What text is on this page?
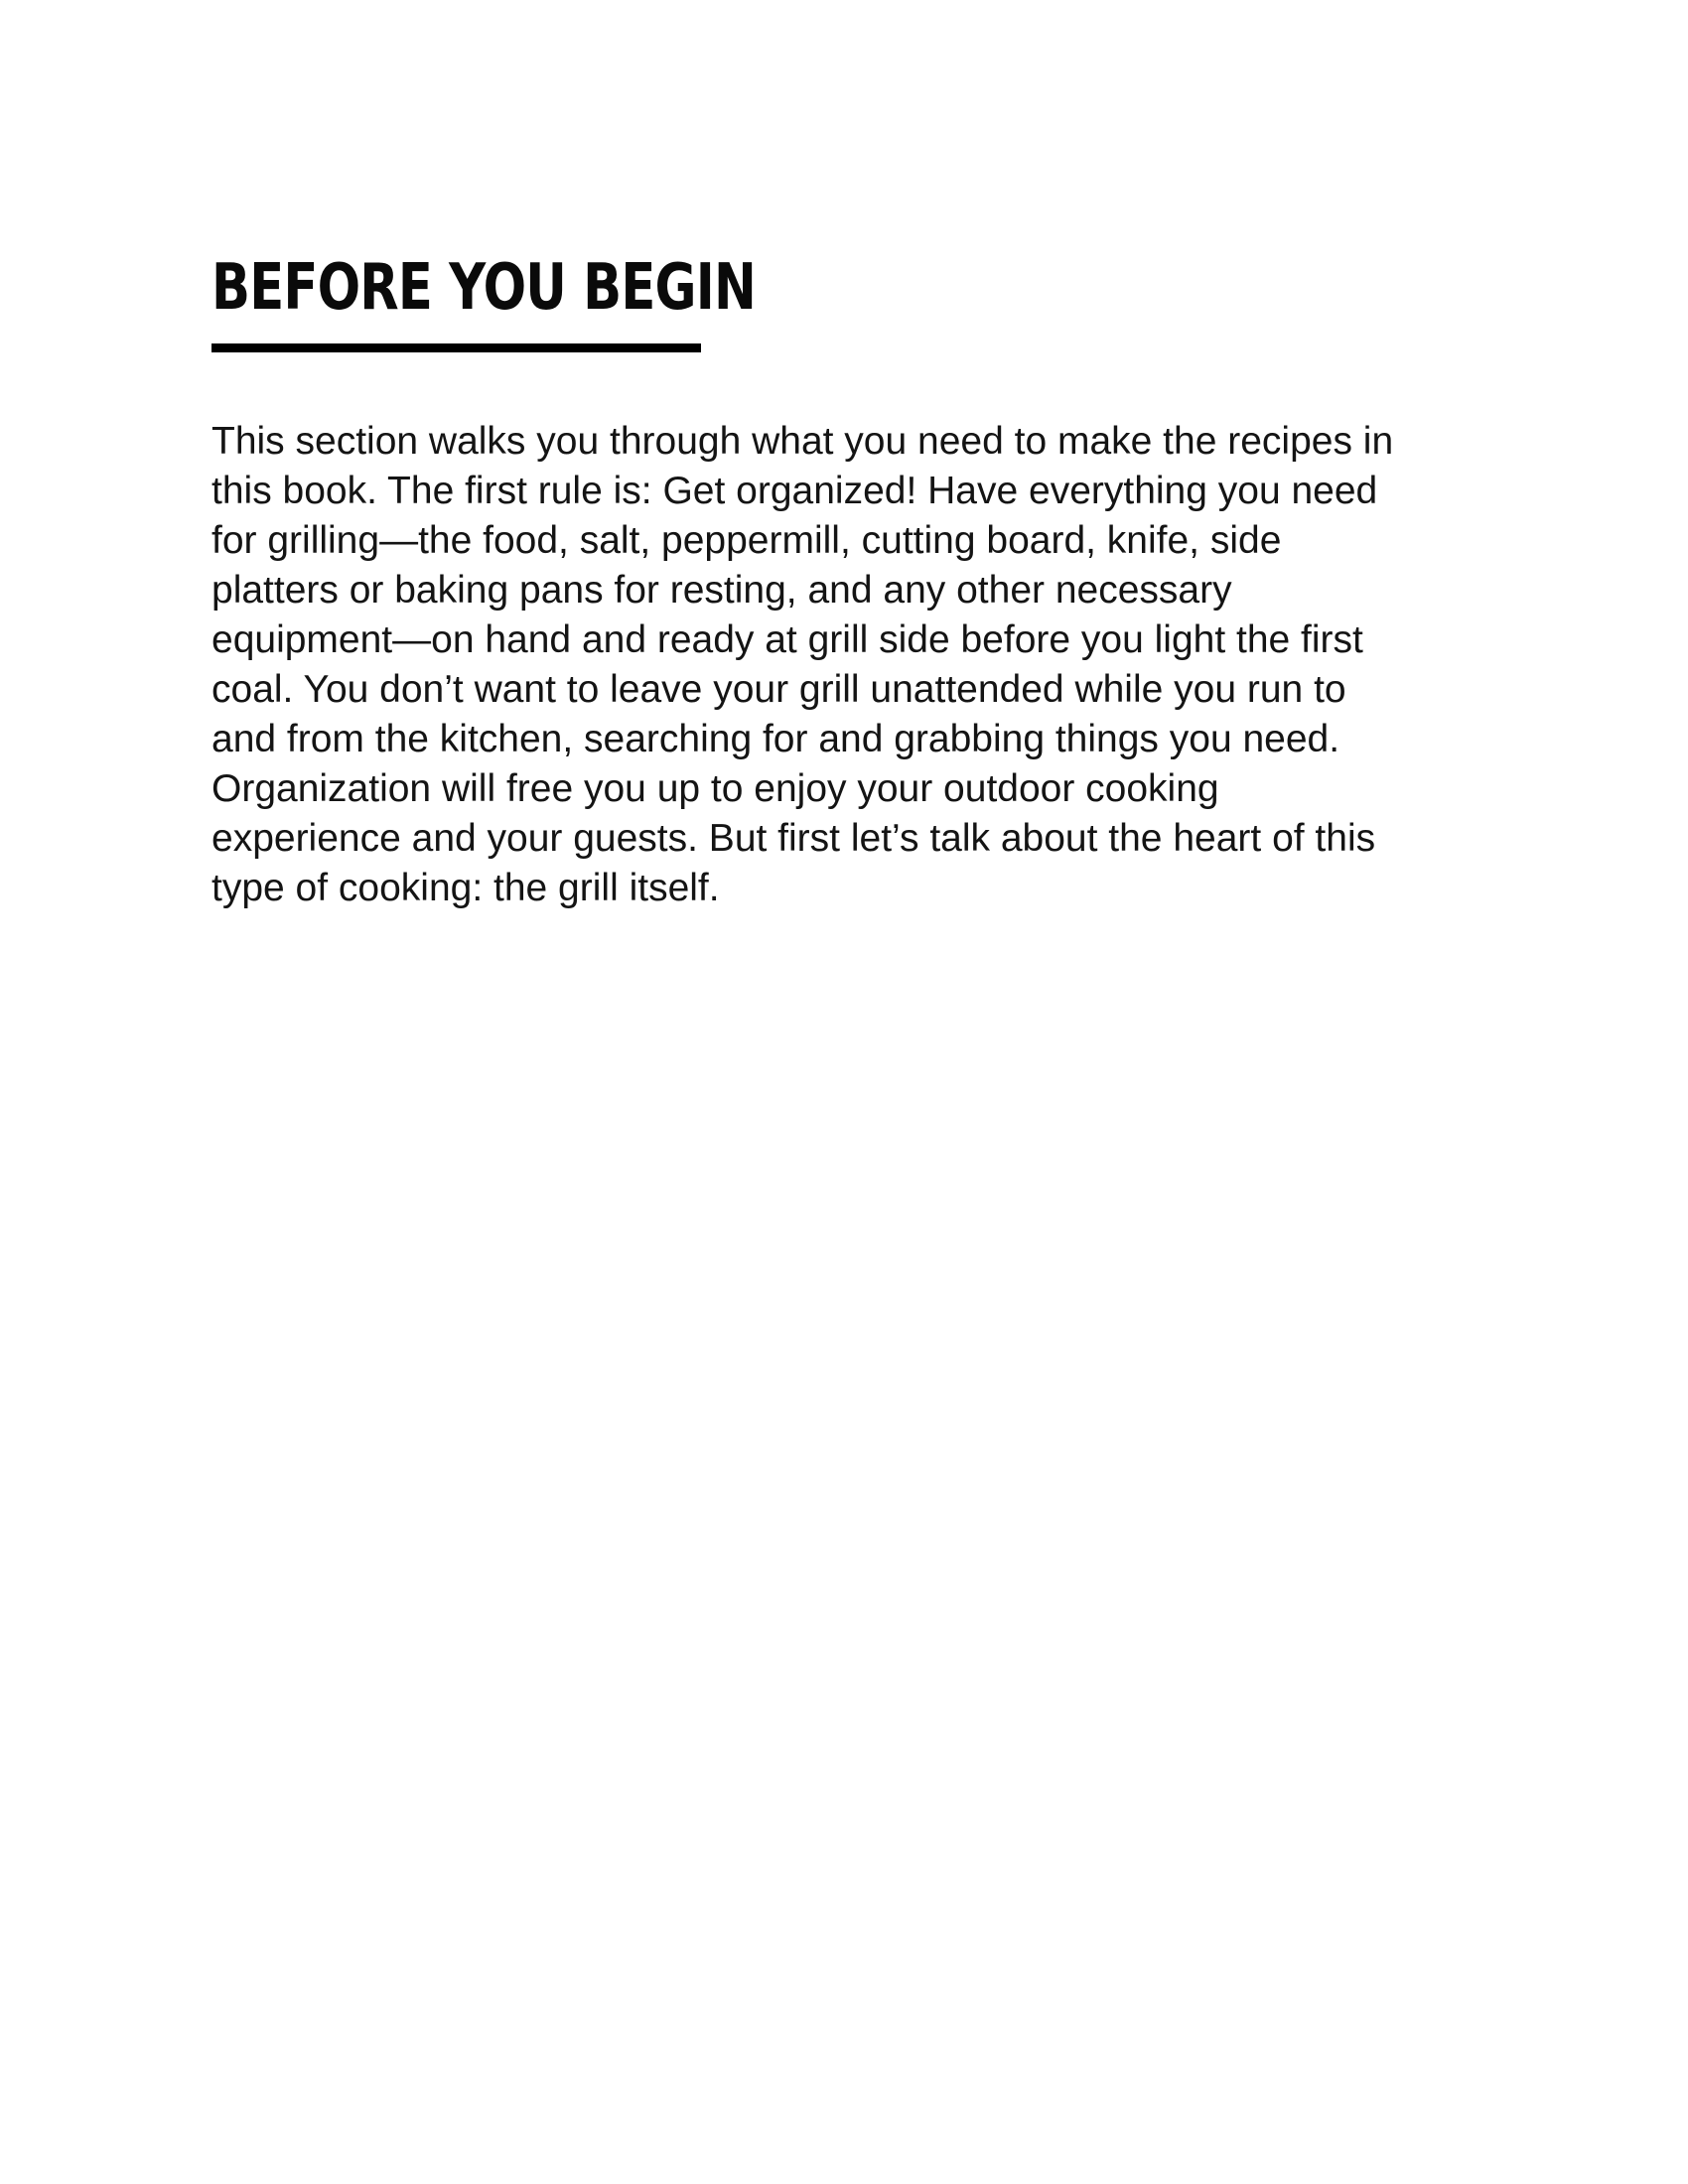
BEFORE YOU BEGIN

This section walks you through what you need to make the recipes in
this book. The first rule is: Get organized! Have everything you need
for grilling—the food, salt, peppermill, cutting board, knife, side
platters or baking pans for resting, and any other necessary
equipment—on hand and ready at grill side before you light the first
coal. You don’t want to leave your grill unattended while you run to
and from the kitchen, searching for and grabbing things you need.
Organization will free you up to enjoy your outdoor cooking
experience and your guests. But first let’s talk about the heart of this
type of cooking: the grill itself.
